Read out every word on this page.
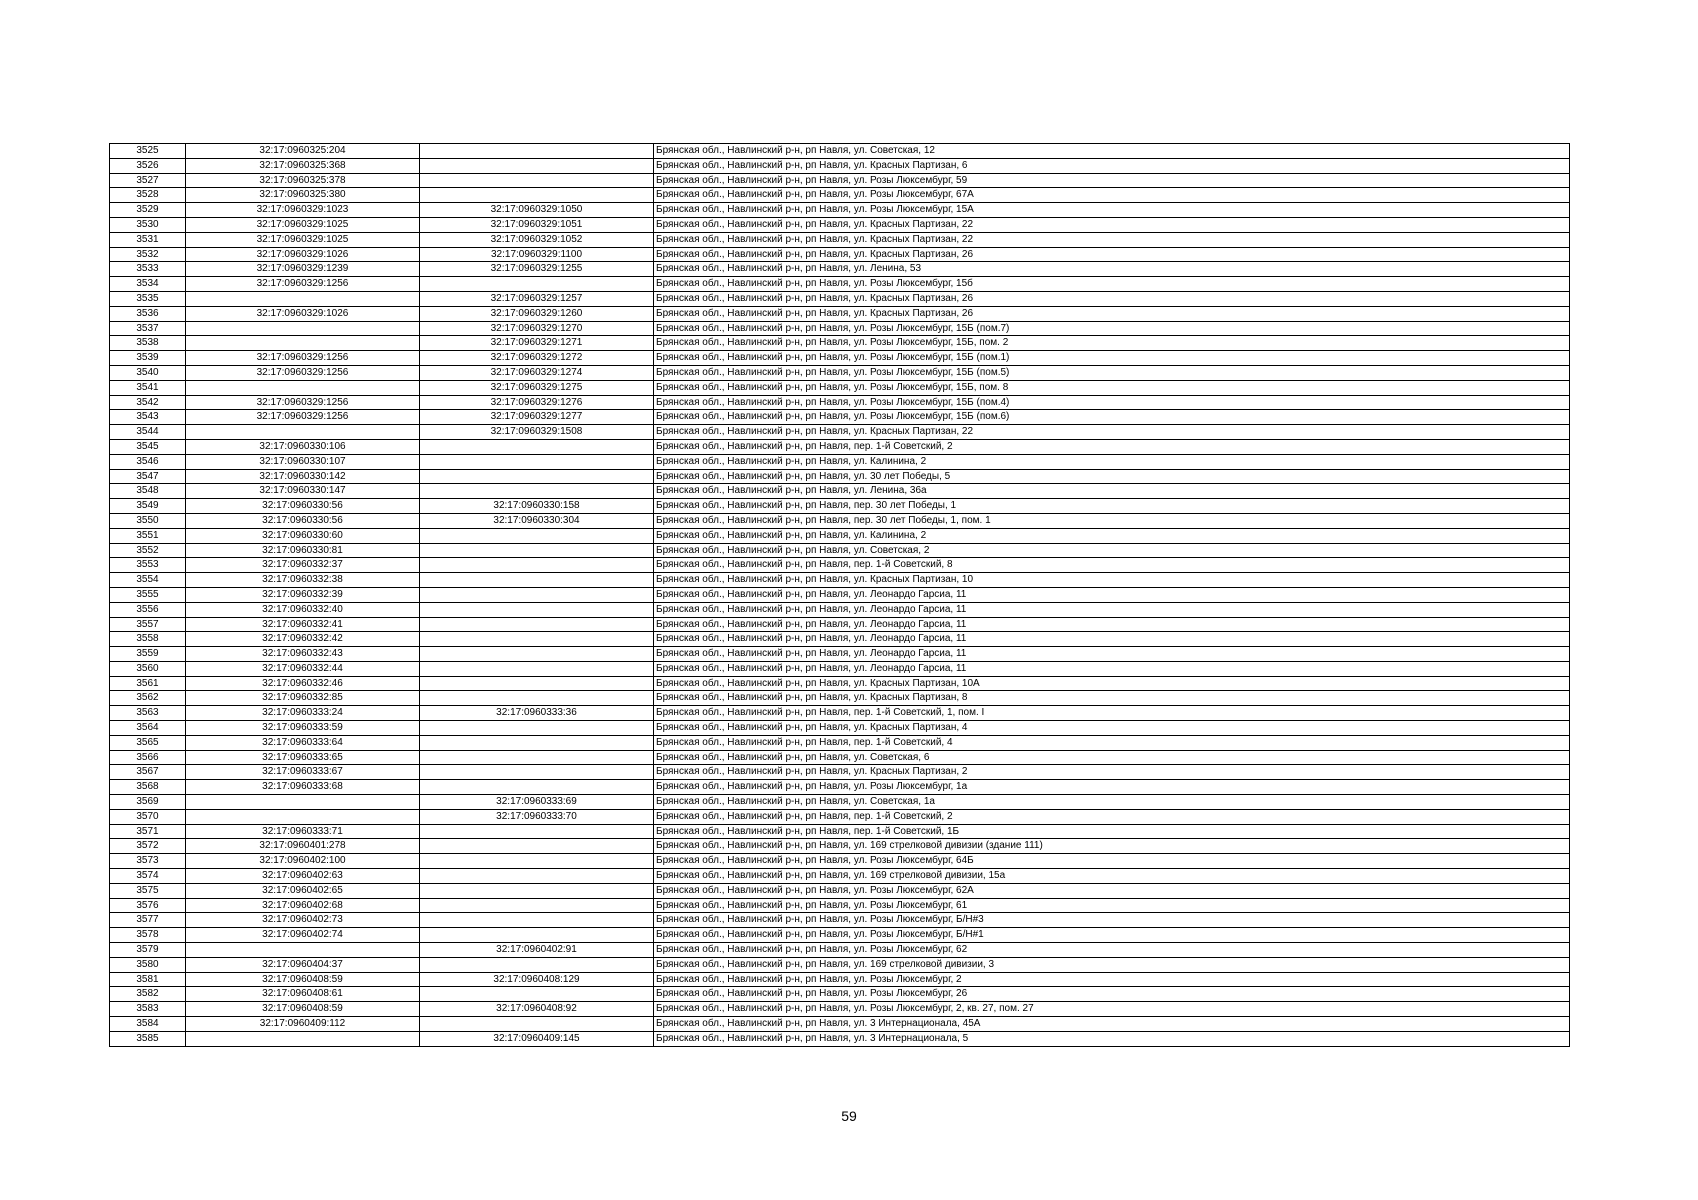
3525	32:17:0960325:204		Брянская обл., Навлинский р-н, рп Навля, ул. Советская, 12
3526	32:17:0960325:368		Брянская обл., Навлинский р-н, рп Навля, ул. Красных Партизан, 6
3527	32:17:0960325:378		Брянская обл., Навлинский р-н, рп Навля, ул. Розы Люксембург, 59
3528	32:17:0960325:380		Брянская обл., Навлинский р-н, рп Навля, ул. Розы Люксембург, 67А
3529	32:17:0960329:1023	32:17:0960329:1050	Брянская обл., Навлинский р-н, рп Навля, ул. Розы Люксембург, 15А
3530	32:17:0960329:1025	32:17:0960329:1051	Брянская обл., Навлинский р-н, рп Навля, ул. Красных Партизан, 22
3531	32:17:0960329:1025	32:17:0960329:1052	Брянская обл., Навлинский р-н, рп Навля, ул. Красных Партизан, 22
3532	32:17:0960329:1026	32:17:0960329:1100	Брянская обл., Навлинский р-н, рп Навля, ул. Красных Партизан, 26
3533	32:17:0960329:1239	32:17:0960329:1255	Брянская обл., Навлинский р-н, рп Навля, ул. Ленина, 53
3534	32:17:0960329:1256		Брянская обл., Навлинский р-н, рп Навля, ул. Розы Люксембург, 15б
3535		32:17:0960329:1257	Брянская обл., Навлинский р-н, рп Навля, ул. Красных Партизан, 26
3536	32:17:0960329:1026	32:17:0960329:1260	Брянская обл., Навлинский р-н, рп Навля, ул. Красных Партизан, 26
3537		32:17:0960329:1270	Брянская обл., Навлинский р-н, рп Навля, ул. Розы Люксембург, 15Б (пом.7)
3538		32:17:0960329:1271	Брянская обл., Навлинский р-н, рп Навля, ул. Розы Люксембург, 15Б, пом. 2
3539	32:17:0960329:1256	32:17:0960329:1272	Брянская обл., Навлинский р-н, рп Навля, ул. Розы Люксембург, 15Б (пом.1)
3540	32:17:0960329:1256	32:17:0960329:1274	Брянская обл., Навлинский р-н, рп Навля, ул. Розы Люксембург, 15Б (пом.5)
3541		32:17:0960329:1275	Брянская обл., Навлинский р-н, рп Навля, ул. Розы Люксембург, 15Б, пом. 8
3542	32:17:0960329:1256	32:17:0960329:1276	Брянская обл., Навлинский р-н, рп Навля, ул. Розы Люксембург, 15Б (пом.4)
3543	32:17:0960329:1256	32:17:0960329:1277	Брянская обл., Навлинский р-н, рп Навля, ул. Розы Люксембург, 15Б (пом.6)
3544		32:17:0960329:1508	Брянская обл., Навлинский р-н, рп Навля, ул. Красных Партизан, 22
3545	32:17:0960330:106		Брянская обл., Навлинский р-н, рп Навля, пер. 1-й Советский, 2
3546	32:17:0960330:107		Брянская обл., Навлинский р-н, рп Навля, ул. Калинина, 2
3547	32:17:0960330:142		Брянская обл., Навлинский р-н, рп Навля, ул. 30 лет Победы, 5
3548	32:17:0960330:147		Брянская обл., Навлинский р-н, рп Навля, ул. Ленина, 36а
3549	32:17:0960330:56	32:17:0960330:158	Брянская обл., Навлинский р-н, рп Навля, пер. 30 лет Победы, 1
3550	32:17:0960330:56	32:17:0960330:304	Брянская обл., Навлинский р-н, рп Навля, пер. 30 лет Победы, 1, пом. 1
3551	32:17:0960330:60		Брянская обл., Навлинский р-н, рп Навля, ул. Калинина, 2
3552	32:17:0960330:81		Брянская обл., Навлинский р-н, рп Навля, ул. Советская, 2
3553	32:17:0960332:37		Брянская обл., Навлинский р-н, рп Навля, пер. 1-й Советский, 8
3554	32:17:0960332:38		Брянская обл., Навлинский р-н, рп Навля, ул. Красных Партизан, 10
3555	32:17:0960332:39		Брянская обл., Навлинский р-н, рп Навля, ул. Леонардо Гарсиа, 11
3556	32:17:0960332:40		Брянская обл., Навлинский р-н, рп Навля, ул. Леонардо Гарсиа, 11
3557	32:17:0960332:41		Брянская обл., Навлинский р-н, рп Навля, ул. Леонардо Гарсиа, 11
3558	32:17:0960332:42		Брянская обл., Навлинский р-н, рп Навля, ул. Леонардо Гарсиа, 11
3559	32:17:0960332:43		Брянская обл., Навлинский р-н, рп Навля, ул. Леонардо Гарсиа, 11
3560	32:17:0960332:44		Брянская обл., Навлинский р-н, рп Навля, ул. Леонардо Гарсиа, 11
3561	32:17:0960332:46		Брянская обл., Навлинский р-н, рп Навля, ул. Красных Партизан, 10А
3562	32:17:0960332:85		Брянская обл., Навлинский р-н, рп Навля, ул. Красных Партизан, 8
3563	32:17:0960333:24	32:17:0960333:36	Брянская обл., Навлинский р-н, рп Навля, пер. 1-й Советский, 1, пом. I
3564	32:17:0960333:59		Брянская обл., Навлинский р-н, рп Навля, ул. Красных Партизан, 4
3565	32:17:0960333:64		Брянская обл., Навлинский р-н, рп Навля, пер. 1-й Советский, 4
3566	32:17:0960333:65		Брянская обл., Навлинский р-н, рп Навля, ул. Советская, 6
3567	32:17:0960333:67		Брянская обл., Навлинский р-н, рп Навля, ул. Красных Партизан, 2
3568	32:17:0960333:68		Брянская обл., Навлинский р-н, рп Навля, ул. Розы Люксембург, 1а
3569		32:17:0960333:69	Брянская обл., Навлинский р-н, рп Навля, ул. Советская, 1а
3570		32:17:0960333:70	Брянская обл., Навлинский р-н, рп Навля, пер. 1-й Советский, 2
3571	32:17:0960333:71		Брянская обл., Навлинский р-н, рп Навля, пер. 1-й Советский, 1Б
3572	32:17:0960401:278		Брянская обл., Навлинский р-н, рп Навля, ул. 169 стрелковой дивизии (здание 111)
3573	32:17:0960402:100		Брянская обл., Навлинский р-н, рп Навля, ул. Розы Люксембург, 64Б
3574	32:17:0960402:63		Брянская обл., Навлинский р-н, рп Навля, ул. 169 стрелковой дивизии, 15а
3575	32:17:0960402:65		Брянская обл., Навлинский р-н, рп Навля, ул. Розы Люксембург, 62А
3576	32:17:0960402:68		Брянская обл., Навлинский р-н, рп Навля, ул. Розы Люксембург, 61
3577	32:17:0960402:73		Брянская обл., Навлинский р-н, рп Навля, ул. Розы Люксембург, Б/Н#3
3578	32:17:0960402:74		Брянская обл., Навлинский р-н, рп Навля, ул. Розы Люксембург, Б/Н#1
3579		32:17:0960402:91	Брянская обл., Навлинский р-н, рп Навля, ул. Розы Люксембург, 62
3580	32:17:0960404:37		Брянская обл., Навлинский р-н, рп Навля, ул. 169 стрелковой дивизии, 3
3581	32:17:0960408:59	32:17:0960408:129	Брянская обл., Навлинский р-н, рп Навля, ул. Розы Люксембург, 2
3582	32:17:0960408:61		Брянская обл., Навлинский р-н, рп Навля, ул. Розы Люксембург, 26
3583	32:17:0960408:59	32:17:0960408:92	Брянская обл., Навлинский р-н, рп Навля, ул. Розы Люксембург, 2, кв. 27, пом. 27
3584	32:17:0960409:112		Брянская обл., Навлинский р-н, рп Навля, ул. 3 Интернационала, 45А
3585		32:17:0960409:145	Брянская обл., Навлинский р-н, рп Навля, ул. 3 Интернационала, 5
59
